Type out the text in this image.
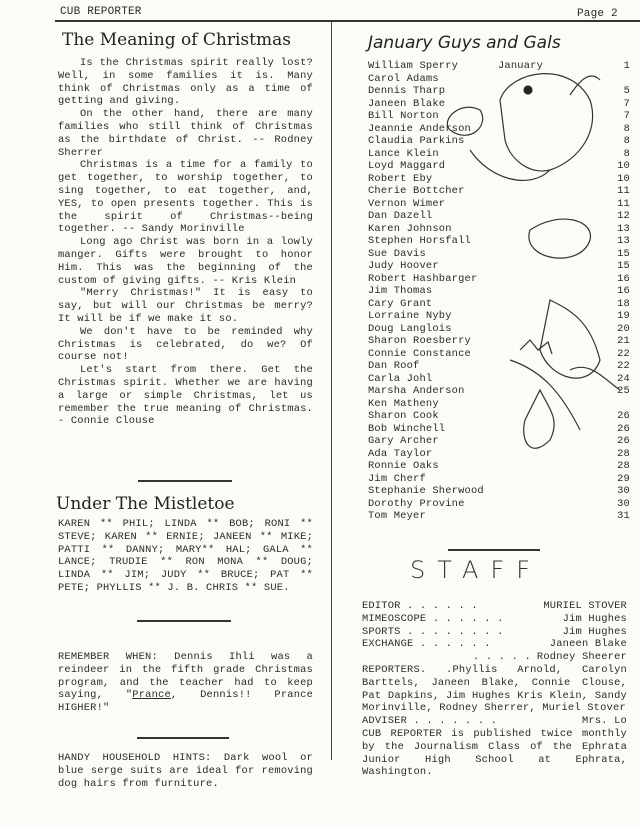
CUB REPORTER	Page 2
The Meaning of Christmas

Is the Christmas spirit really lost? Well, in some families it is. Many think of Christmas only as a time of getting and giving.

On the other hand, there are many families who still think of Christmas as the birthdate of Christ. -- Rodney Sherrer

Christmas is a time for a family to get together, to worship together, to sing together, to eat together, and, YES, to open presents together. This is the spirit of Christmas--being together. -- Sandy Morinville

Long ago Christ was born in a lowly manger. Gifts were brought to honor Him. This was the beginning of the custom of giving gifts. -- Kris Klein

"Merry Christmas!" It is easy to say, but will our Christmas be merry? It will be if we make it so.

We don't have to be reminded why Christmas is celebrated, do we? Of course not!

Let's start from there. Get the Christmas spirit. Whether we are having a large or simple Christmas, let us remember the true meaning of Christmas. - Connie Clouse

Under The Mistletoe
KAREN ** PHIL; LINDA ** BOB; RONI ** STEVE; KAREN ** ERNIE; JANEEN ** MIKE; PATTI ** DANNY; MARY** HAL; GALA ** LANCE; TRUDIE ** RON MONA ** DOUG; LINDA ** JIM; JUDY ** BRUCE; PAT ** PETE; PHYLLIS ** J. B. CHRIS ** SUE.
REMEMBER WHEN: Dennis Ihli was a reindeer in the fifth grade Christmas program, and the teacher had to keep saying, "Prance, Dennis!! Prance HIGHER!"
HANDY HOUSEHOLD HINTS: Dark wool or blue serge suits are ideal for removing dog hairs from furniture.
January Guys and Gals
William Sperry	January	1
Carol Adams
Dennis Tharp	5
Janeen Blake	7
Bill Norton	7
Jeannie Anderson	8
Claudia Parkins	8
Lance Klein	8
Loyd Maggard	10
Robert Eby	10
Cherie Bottcher	11
Vernon Wimer	11
Dan Dazell	12
Karen Johnson	13
Stephen Horsfall	13
Sue Davis	15
Judy Hoover	15
Robert Hashbarger	16
Jim Thomas	16
Cary Grant	18
Lorraine Nyby	19
Doug Langlois	20
Sharon Roesberry	21
Connie Constance	22
Dan Roof	22
Carla Johl	24
Marsha Anderson	25
Ken Matheny
Sharon Cook	26
Bob Winchell	26
Gary Archer	26
Ada Taylor	28
Ronnie Oaks	28
Jim Cherf	29
Stephanie Sherwood	30
Dorothy Provine	30
Tom Meyer	31
STAFF
EDITOR . . . . . .	MURIEL STOVER
MIMEOSCOPE . . . . . .	Jim Hughes
SPORTS . . . . . . . .	Jim Hughes
EXCHANGE . . . . . .	Janeen Blake
. . . . . Rodney Sheerer
REPORTERS. .Phyllis Arnold, Carolyn Barttels, Janeen Blake, Connie Clouse, Pat Dapkins, Jim Hughes Kris Klein, Sandy Morinville, Rodney Sherrer, Muriel Stover
ADVISER . . . . . . .	Mrs. Lo
CUB REPORTER is published twice monthly by the Journalism Class of the Ephrata Junior High School at Ephrata, Washington.
